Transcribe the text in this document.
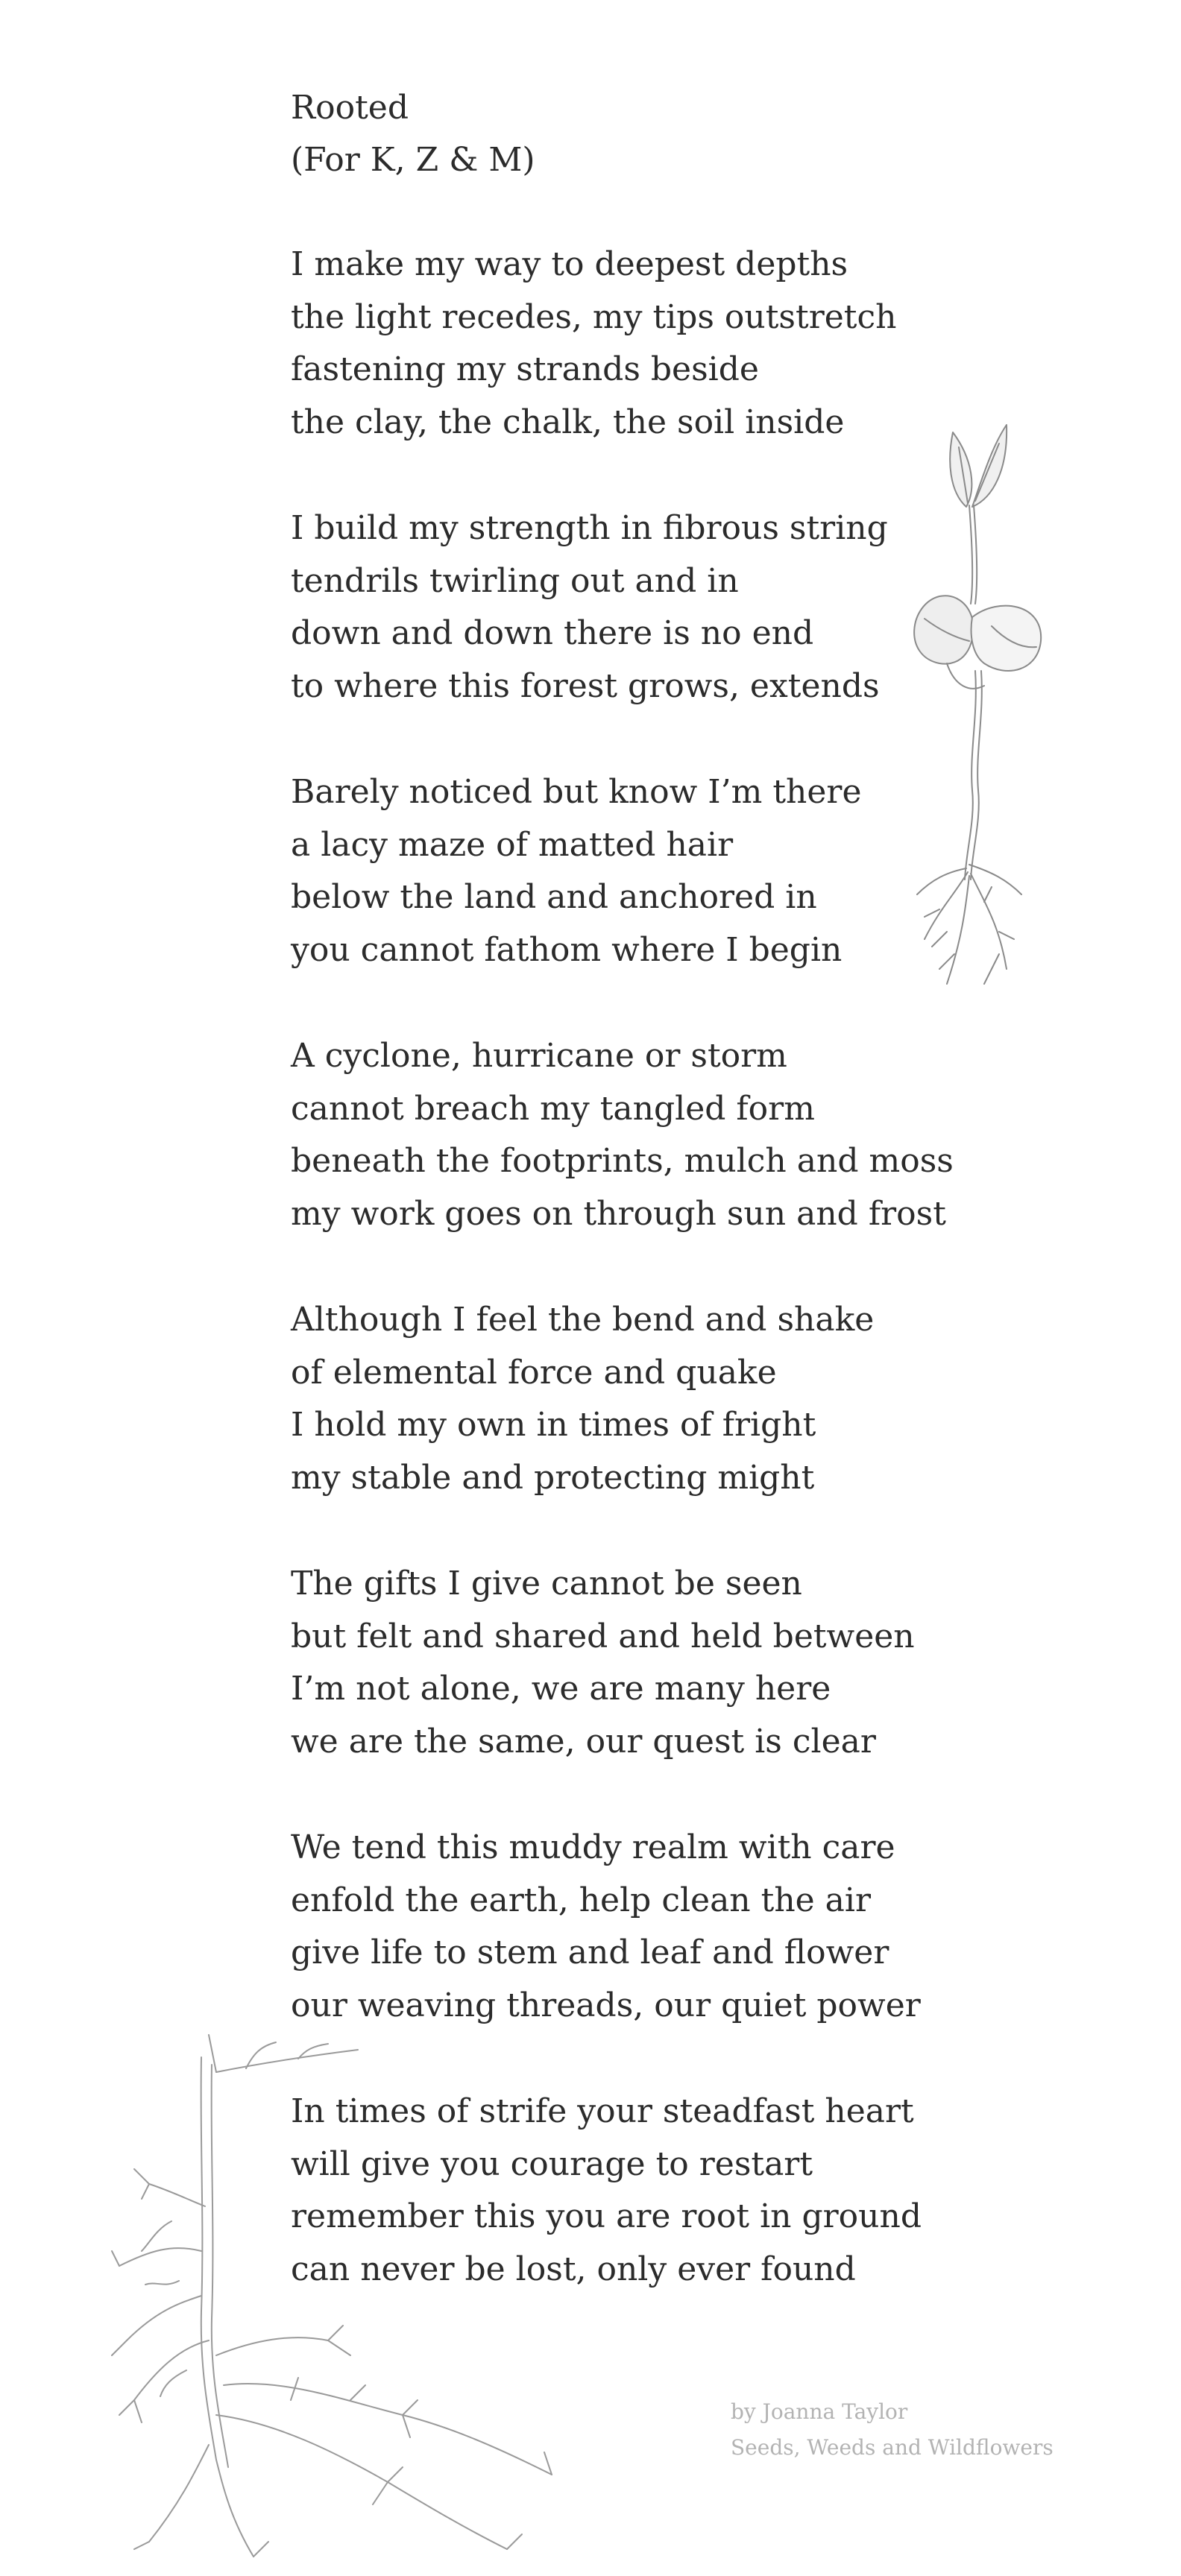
Rooted
(For K, Z & M)
I make my way to deepest depths
the light recedes, my tips outstretch
fastening my strands beside
the clay, the chalk, the soil inside
I build my strength in fibrous string
tendrils twirling out and in
down and down there is no end
to where this forest grows, extends
Barely noticed but know I’m there
a lacy maze of matted hair
below the land and anchored in
you cannot fathom where I begin
A cyclone, hurricane or storm
cannot breach my tangled form
beneath the footprints, mulch and moss
my work goes on through sun and frost
Although I feel the bend and shake
of elemental force and quake
I hold my own in times of fright
my stable and protecting might
The gifts I give cannot be seen
but felt and shared and held between
I’m not alone, we are many here
we are the same, our quest is clear
We tend this muddy realm with care
enfold the earth, help clean the air
give life to stem and leaf and flower
our weaving threads, our quiet power
In times of strife your steadfast heart
will give you courage to restart
remember this you are root in ground
can never be lost, only ever found
by Joanna Taylor
Seeds, Weeds and Wildflowers
